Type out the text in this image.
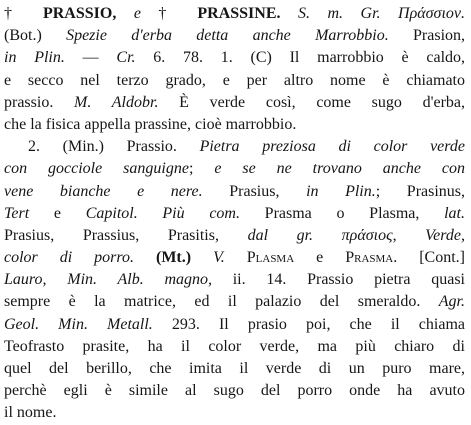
† PRASSIO, e † PRASSINE. S. m. Gr. Πράσσιον.
(Bot.) Spezie d'erba detta anche Marrobbio. Prasion,
in Plin. — Cr. 6. 78. 1. (C) Il marrobbio è caldo,
e secco nel terzo grado, e per altro nome è chiamato
prassio. M. Aldobr. È verde così, come sugo d'erba,
che la fisica appella prassine, cioè marrobbio.
2. (Min.) Prassio. Pietra preziosa di color verde
con gocciole sanguigne; e se ne trovano anche con
vene bianche e nere. Prasius, in Plin.; Prasinus,
Tert e Capitol. Più com. Prasma o Plasma, lat.
Prasius, Prassius, Prasitis, dal gr. πράσιος, Verde,
color di porro. (Mt.) V. Plasma e Prasma. [Cont.]
Lauro, Min. Alb. magno, ii. 14. Prassio pietra quasi
sempre è la matrice, ed il palazio del smeraldo. Agr.
Geol. Min. Metall. 293. Il prasio poi, che il chiama
Teofrasto prasite, ha il color verde, ma più chiaro di
quel del berillo, che imita il verde di un puro mare,
perchè egli è simile al sugo del porro onde ha avuto
il nome.
